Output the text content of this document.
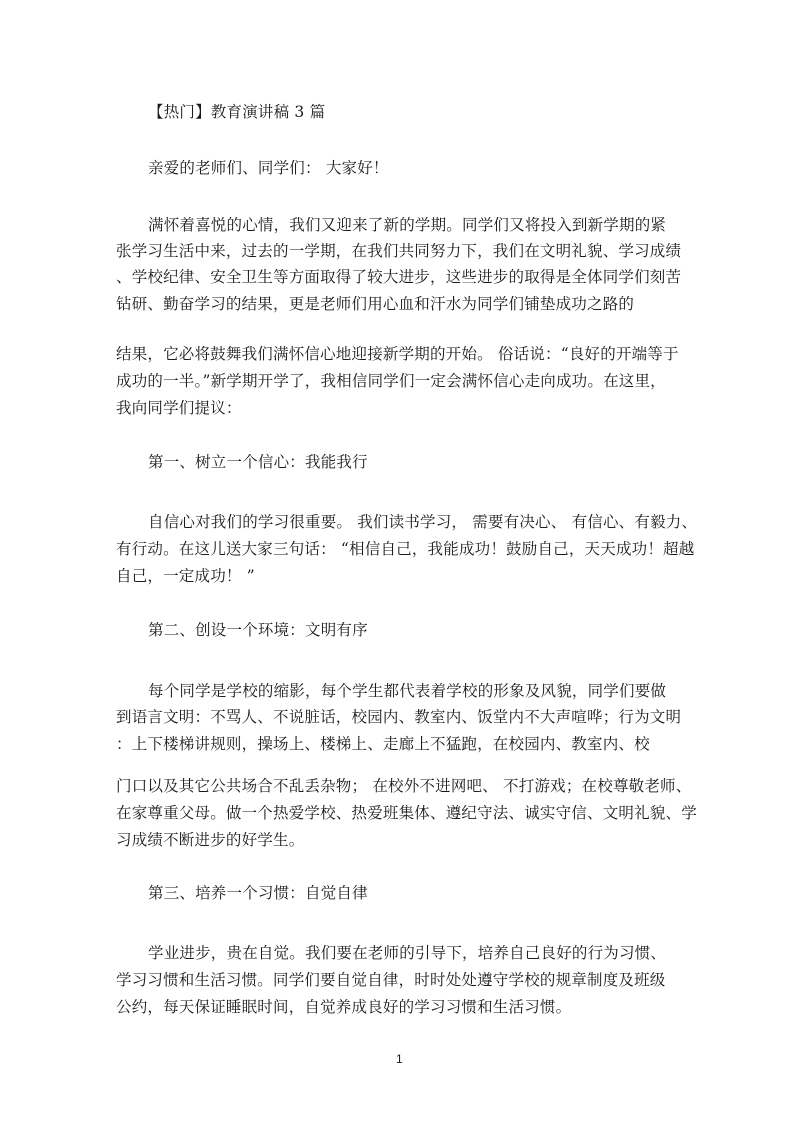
【热门】教育演讲稿 3 篇
亲爱的老师们、同学们： 大家好！
满怀着喜悦的心情，我们又迎来了新的学期。同学们又将投入到新学期的紧
张学习生活中来，过去的一学期，在我们共同努力下，我们在文明礼貌、学习成绩
、学校纪律、安全卫生等方面取得了较大进步，这些进步的取得是全体同学们刻苦
钻研、勤奋学习的结果，更是老师们用心血和汗水为同学们铺垫成功之路的
结果，它必将鼓舞我们满怀信心地迎接新学期的开始。 俗话说：“良好的开端等于
成功的一半。”新学期开学了，我相信同学们一定会满怀信心走向成功。在这里，
我向同学们提议：
第一、树立一个信心：我能我行
自信心对我们的学习很重要。 我们读书学习， 需要有决心、 有信心、有毅力、
有行动。在这儿送大家三句话： “相信自己，我能成功！鼓励自己，天天成功！超越
自己，一定成功！ ”
第二、创设一个环境：文明有序
每个同学是学校的缩影，每个学生都代表着学校的形象及风貌，同学们要做
到语言文明：不骂人、不说脏话，校园内、教室内、饭堂内不大声喧哗；行为文明
：上下楼梯讲规则，操场上、楼梯上、走廊上不猛跑，在校园内、教室内、校
门口以及其它公共场合不乱丢杂物； 在校外不进网吧、 不打游戏；在校尊敬老师、
在家尊重父母。做一个热爱学校、热爱班集体、遵纪守法、诚实守信、文明礼貌、学
习成绩不断进步的好学生。
第三、培养一个习惯：自觉自律
学业进步，贵在自觉。我们要在老师的引导下，培养自己良好的行为习惯、
学习习惯和生活习惯。同学们要自觉自律，时时处处遵守学校的规章制度及班级
公约，每天保证睡眠时间，自觉养成良好的学习习惯和生活习惯。
1
